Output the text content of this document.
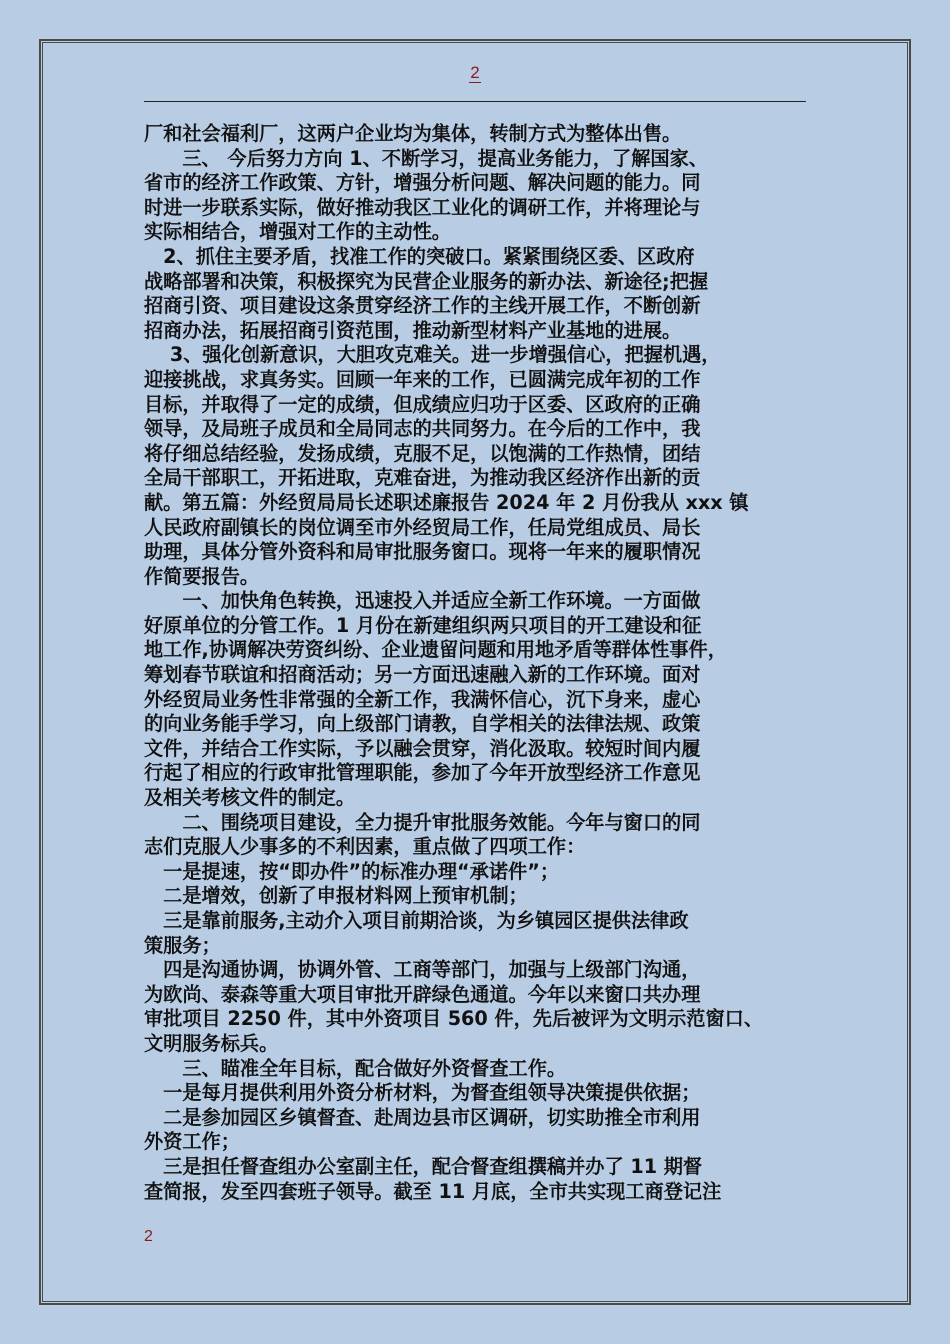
2

厂和社会福利厂，这两户企业均为集体，转制方式为整体出售。

　　三、 今后努力方向 1、不断学习，提高业务能力，了解国家、

省市的经济工作政策、方针，增强分析问题、解决问题的能力。同

时进一步联系实际，做好推动我区工业化的调研工作，并将理论与

实际相结合，增强对工作的主动性。

　2、抓住主要矛盾，找准工作的突破口。紧紧围绕区委、区政府

战略部署和决策，积极探究为民营企业服务的新办法、新途径;把握

招商引资、项目建设这条贯穿经济工作的主线开展工作，不断创新

招商办法，拓展招商引资范围，推动新型材料产业基地的进展。

　 3、强化创新意识，大胆攻克难关。进一步增强信心，把握机遇，

迎接挑战，求真务实。回顾一年来的工作，已圆满完成年初的工作

目标，并取得了一定的成绩，但成绩应归功于区委、区政府的正确

领导，及局班子成员和全局同志的共同努力。在今后的工作中，我

将仔细总结经验，发扬成绩，克服不足，以饱满的工作热情，团结

全局干部职工，开拓进取，克难奋进，为推动我区经济作出新的贡

献。第五篇：外经贸局局长述职述廉报告 2024 年 2 月份我从 xxx 镇

人民政府副镇长的岗位调至市外经贸局工作，任局党组成员、局长

助理，具体分管外资科和局审批服务窗口。现将一年来的履职情况

作简要报告。

　　一、加快角色转换，迅速投入并适应全新工作环境。一方面做

好原单位的分管工作。1 月份在新建组织两只项目的开工建设和征

地工作,协调解决劳资纠纷、企业遗留问题和用地矛盾等群体性事件，

筹划春节联谊和招商活动；另一方面迅速融入新的工作环境。面对

外经贸局业务性非常强的全新工作，我满怀信心，沉下身来，虚心

的向业务能手学习，向上级部门请教，自学相关的法律法规、政策

文件，并结合工作实际，予以融会贯穿，消化汲取。较短时间内履

行起了相应的行政审批管理职能，参加了今年开放型经济工作意见

及相关考核文件的制定。

　　二、围绕项目建设，全力提升审批服务效能。今年与窗口的同

志们克服人少事多的不利因素，重点做了四项工作：

　一是提速，按“即办件”的标准办理“承诺件”；

　二是增效，创新了申报材料网上预审机制；

　三是靠前服务,主动介入项目前期洽谈，为乡镇园区提供法律政

策服务；

　四是沟通协调，协调外管、工商等部门，加强与上级部门沟通，

为欧尚、泰森等重大项目审批开辟绿色通道。今年以来窗口共办理

审批项目 2250 件，其中外资项目 560 件，先后被评为文明示范窗口、

文明服务标兵。

　　三、瞄准全年目标，配合做好外资督查工作。

　一是每月提供利用外资分析材料，为督查组领导决策提供依据；

　二是参加园区乡镇督查、赴周边县市区调研，切实助推全市利用

外资工作；

　三是担任督查组办公室副主任，配合督查组撰稿并办了 11 期督

查简报，发至四套班子领导。截至 11 月底，全市共实现工商登记注

2
